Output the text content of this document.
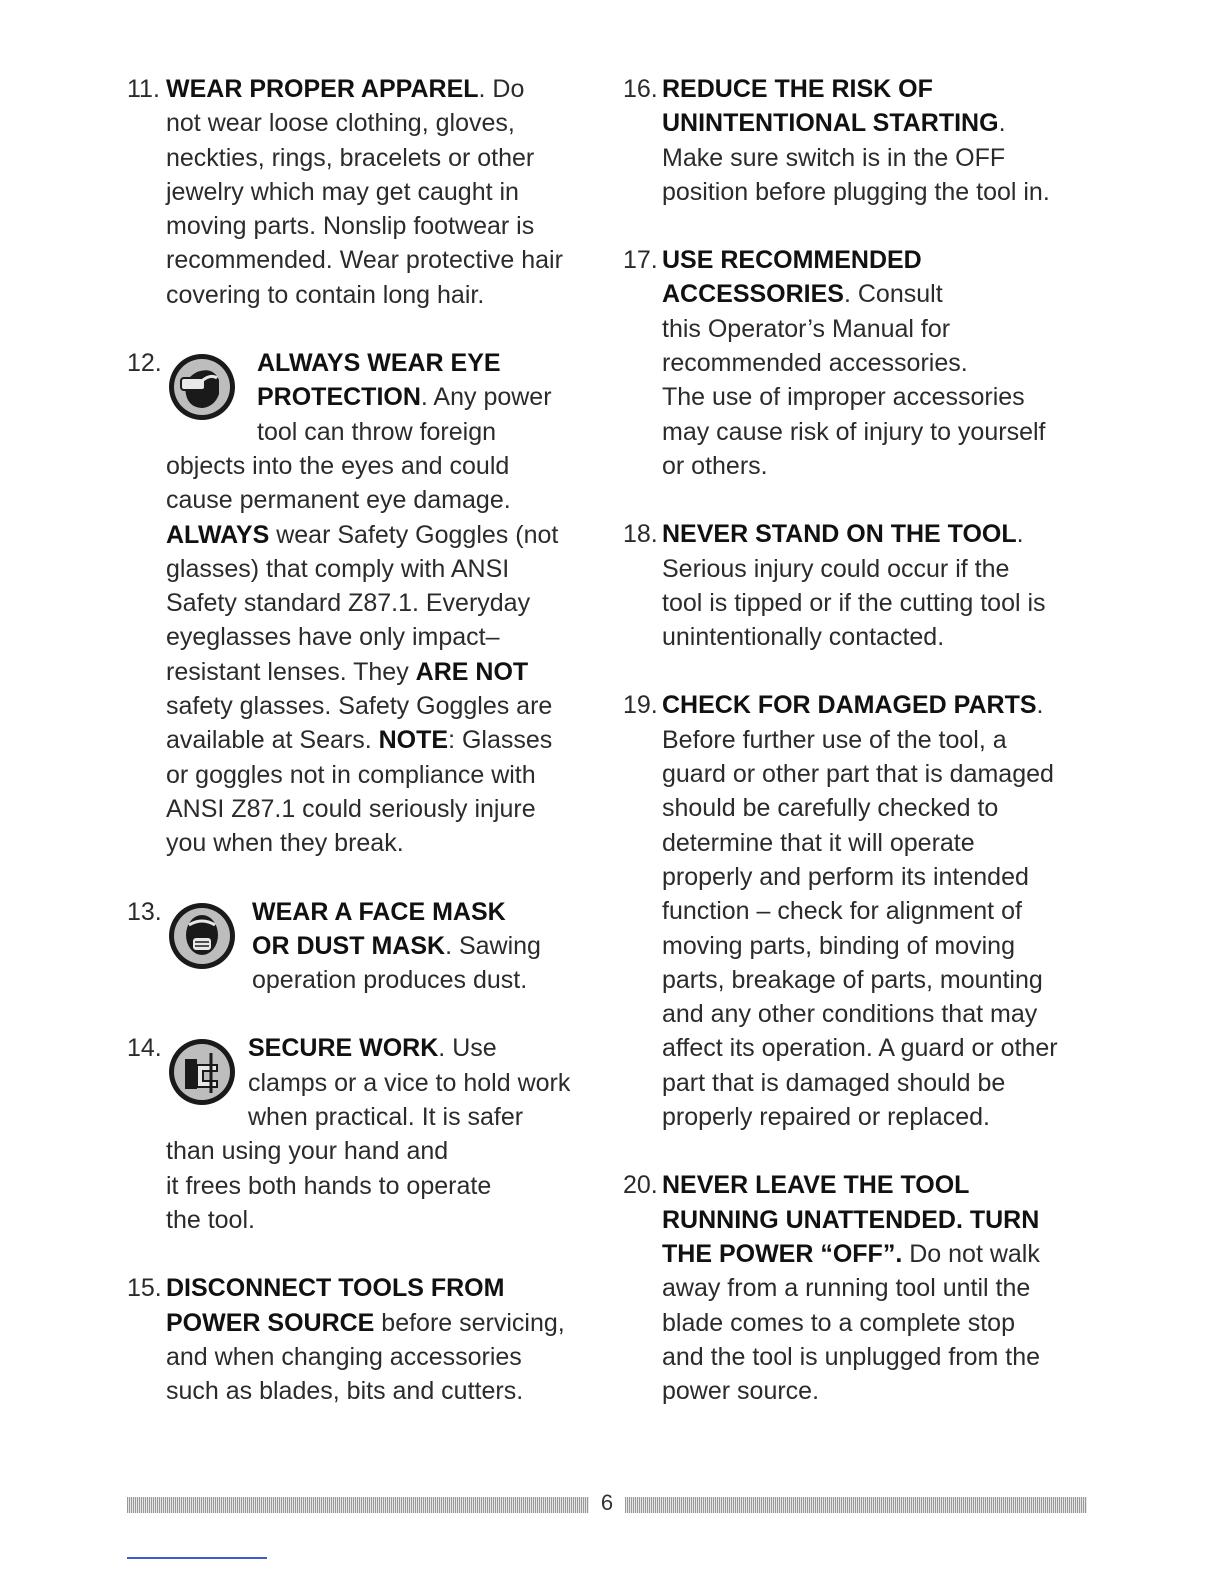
11. WEAR PROPER APPAREL. Do

not wear loose clothing, gloves,

neckties, rings, bracelets or other

jewelry which may get caught in

moving parts. Nonslip footwear is

recommended. Wear protective hair

covering to contain long hair.

12.	ALWAYS WEAR EYE

PROTECTION. Any power

tool can throw foreign

objects into the eyes and could

cause permanent eye damage.

ALWAYS wear Safety Goggles (not

glasses) that comply with ANSI

Safety standard Z87.1. Everyday

eyeglasses have only impact–

resistant lenses. They ARE NOT

safety glasses. Safety Goggles are

available at Sears. NOTE: Glasses

or goggles not in compliance with

ANSI Z87.1 could seriously injure

you when they break.

13.	WEAR A FACE MASK

OR DUST MASK. Sawing

operation produces dust.

14.	SECURE WORK. Use

clamps or a vice to hold work

when practical. It is safer

than using your hand and

it frees both hands to operate

the tool.

15. DISCONNECT TOOLS FROM

POWER SOURCE before servicing,

and when changing accessories

such as blades, bits and cutters.

16. REDUCE THE RISK OF

UNINTENTIONAL STARTING.

Make sure switch is in the OFF

position before plugging the tool in.

17. USE RECOMMENDED

ACCESSORIES. Consult

this Operator’s Manual for

recommended accessories.

The use of improper accessories

may cause risk of injury to yourself

or others.

18. NEVER STAND ON THE TOOL.

Serious injury could occur if the

tool is tipped or if the cutting tool is

unintentionally contacted.

19. CHECK FOR DAMAGED PARTS.

Before further use of the tool, a

guard or other part that is damaged

should be carefully checked to

determine that it will operate

properly and perform its intended

function – check for alignment of

moving parts, binding of moving

parts, breakage of parts, mounting

and any other conditions that may

affect its operation. A guard or other

part that is damaged should be

properly repaired or replaced.

20. NEVER LEAVE THE TOOL

RUNNING UNATTENDED. TURN

THE POWER “OFF”. Do not walk

away from a running tool until the

blade comes to a complete stop

and the tool is unplugged from the

power source.

6
